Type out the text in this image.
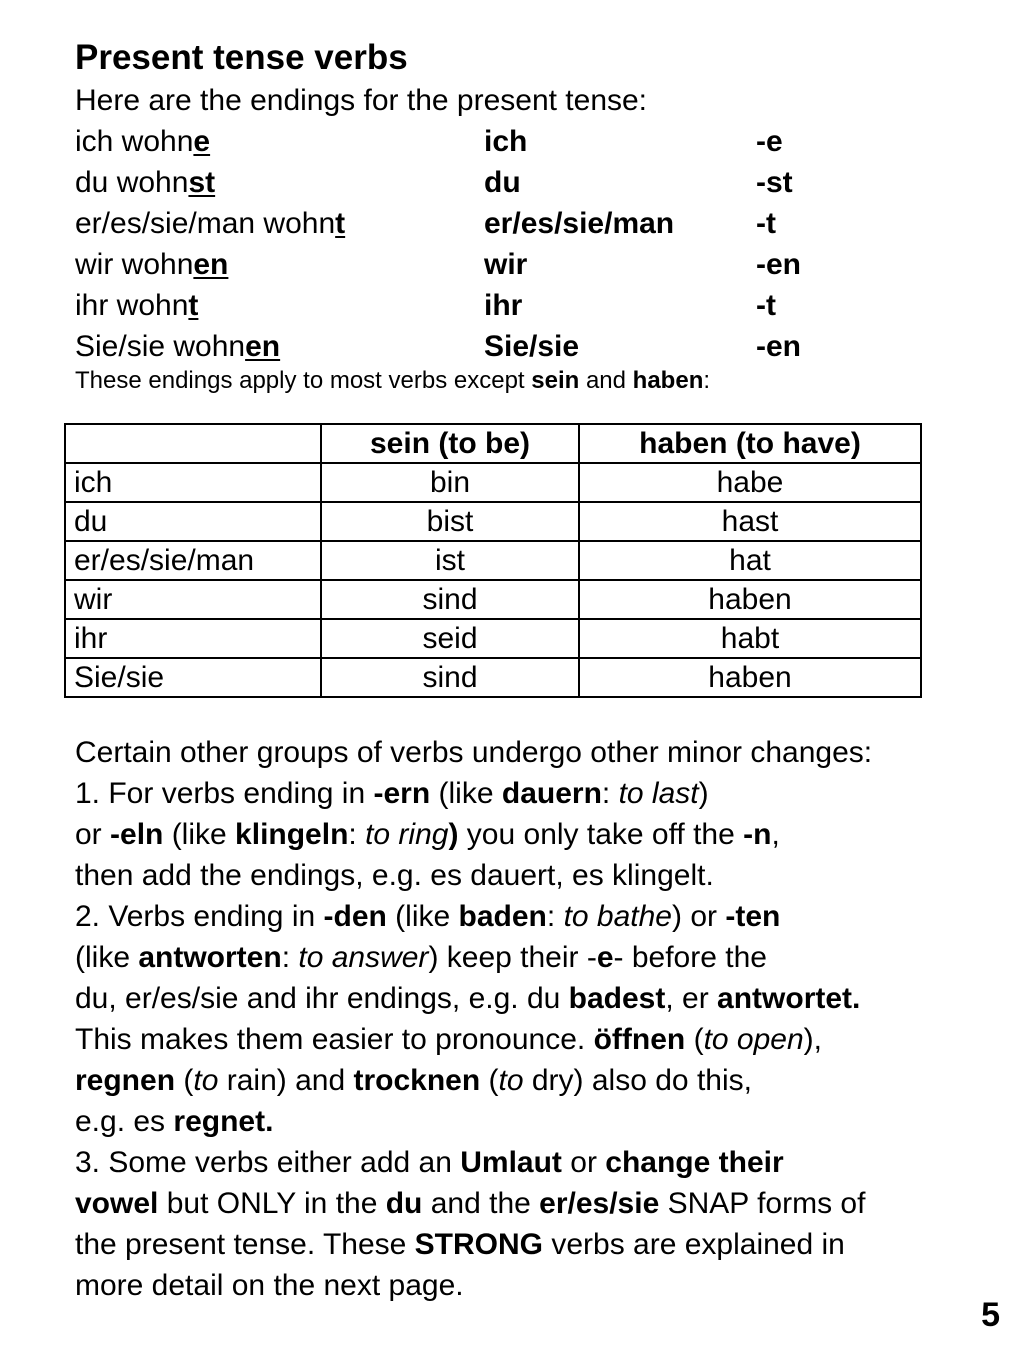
Present tense verbs
Here are the endings for the present tense:
ich wohne	ich	-e
du wohnst	du	-st
er/es/sie/man wohnt	er/es/sie/man	-t
wir wohnen	wir	-en
ihr wohnt	ihr	-t
Sie/sie wohnen	Sie/sie	-en
These endings apply to most verbs except sein and haben:
	sein (to be)	haben (to have)
ich	bin	habe
du	bist	hast
er/es/sie/man	ist	hat
wir	sind	haben
ihr	seid	habt
Sie/sie	sind	haben
Certain other groups of verbs undergo other minor changes:
1. For verbs ending in -ern (like dauern: to last)
or -eln (like klingeln: to ring) you only take off the -n,
then add the endings, e.g. es dauert, es klingelt.
2. Verbs ending in -den (like baden: to bathe) or -ten
(like antworten: to answer) keep their -e- before the
du, er/es/sie and ihr endings, e.g. du badest, er antwortet.
This makes them easier to pronounce. öffnen (to open),
regnen (to rain) and trocknen (to dry) also do this,
e.g. es regnet.
3. Some verbs either add an Umlaut or change their
vowel but ONLY in the du and the er/es/sie SNAP forms of
the present tense. These STRONG verbs are explained in
more detail on the next page.
5
